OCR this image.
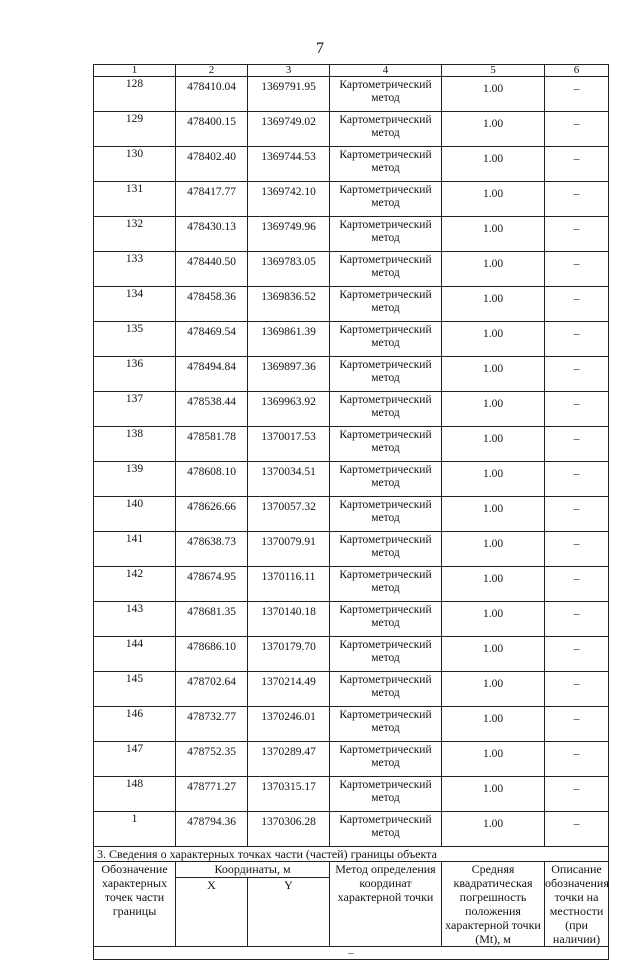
7
1	2	3	4	5	6
128	478410.04	1369791.95	Картометрический метод	1.00	–
129	478400.15	1369749.02	Картометрический метод	1.00	–
130	478402.40	1369744.53	Картометрический метод	1.00	–
131	478417.77	1369742.10	Картометрический метод	1.00	–
132	478430.13	1369749.96	Картометрический метод	1.00	–
133	478440.50	1369783.05	Картометрический метод	1.00	–
134	478458.36	1369836.52	Картометрический метод	1.00	–
135	478469.54	1369861.39	Картометрический метод	1.00	–
136	478494.84	1369897.36	Картометрический метод	1.00	–
137	478538.44	1369963.92	Картометрический метод	1.00	–
138	478581.78	1370017.53	Картометрический метод	1.00	–
139	478608.10	1370034.51	Картометрический метод	1.00	–
140	478626.66	1370057.32	Картометрический метод	1.00	–
141	478638.73	1370079.91	Картометрический метод	1.00	–
142	478674.95	1370116.11	Картометрический метод	1.00	–
143	478681.35	1370140.18	Картометрический метод	1.00	–
144	478686.10	1370179.70	Картометрический метод	1.00	–
145	478702.64	1370214.49	Картометрический метод	1.00	–
146	478732.77	1370246.01	Картометрический метод	1.00	–
147	478752.35	1370289.47	Картометрический метод	1.00	–
148	478771.27	1370315.17	Картометрический метод	1.00	–
1	478794.36	1370306.28	Картометрический метод	1.00	–
3. Сведения о характерных точках части (частей) границы объекта					
Обозначение характерных точек части границы	Координаты, м		Метод определения координат характерной точки	Средняя квадратическая погрешность положения характерной точки (Mt), м	Описание обозначения точки на местности (при наличии)
	X	Y			
–					
